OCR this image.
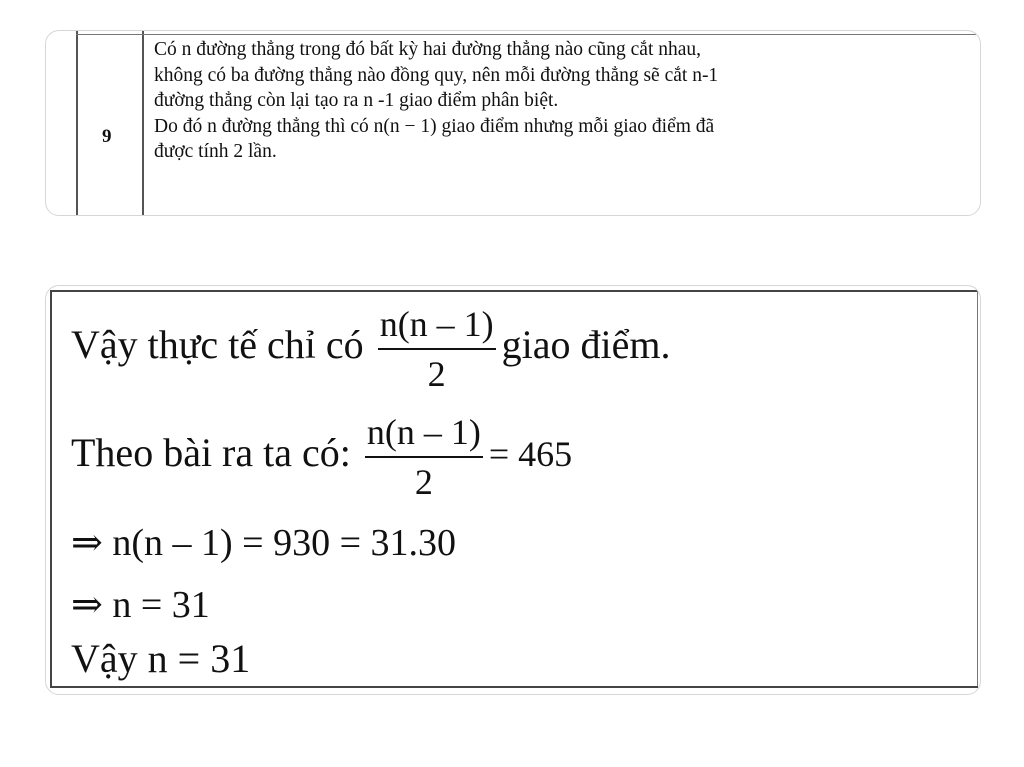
9

Có n đường thẳng trong đó bất kỳ hai đường thẳng nào cũng cắt nhau,

không có ba đường thẳng nào đồng quy, nên mỗi đường thẳng sẽ cắt n-1

đường thẳng còn lại tạo ra n -1 giao điểm phân biệt.

Do đó n đường thẳng thì có n(n − 1) giao điểm nhưng mỗi giao điểm đã

được tính 2 lần.

Vậy thực tế chỉ có $\frac{n(n - 1)}{2}$ giao điểm.
Theo bài ra ta có: $\frac{n(n - 1)}{2} = 465$
⇒ n(n – 1) = 930 = 31.30
⇒ n = 31
Vậy n = 31
